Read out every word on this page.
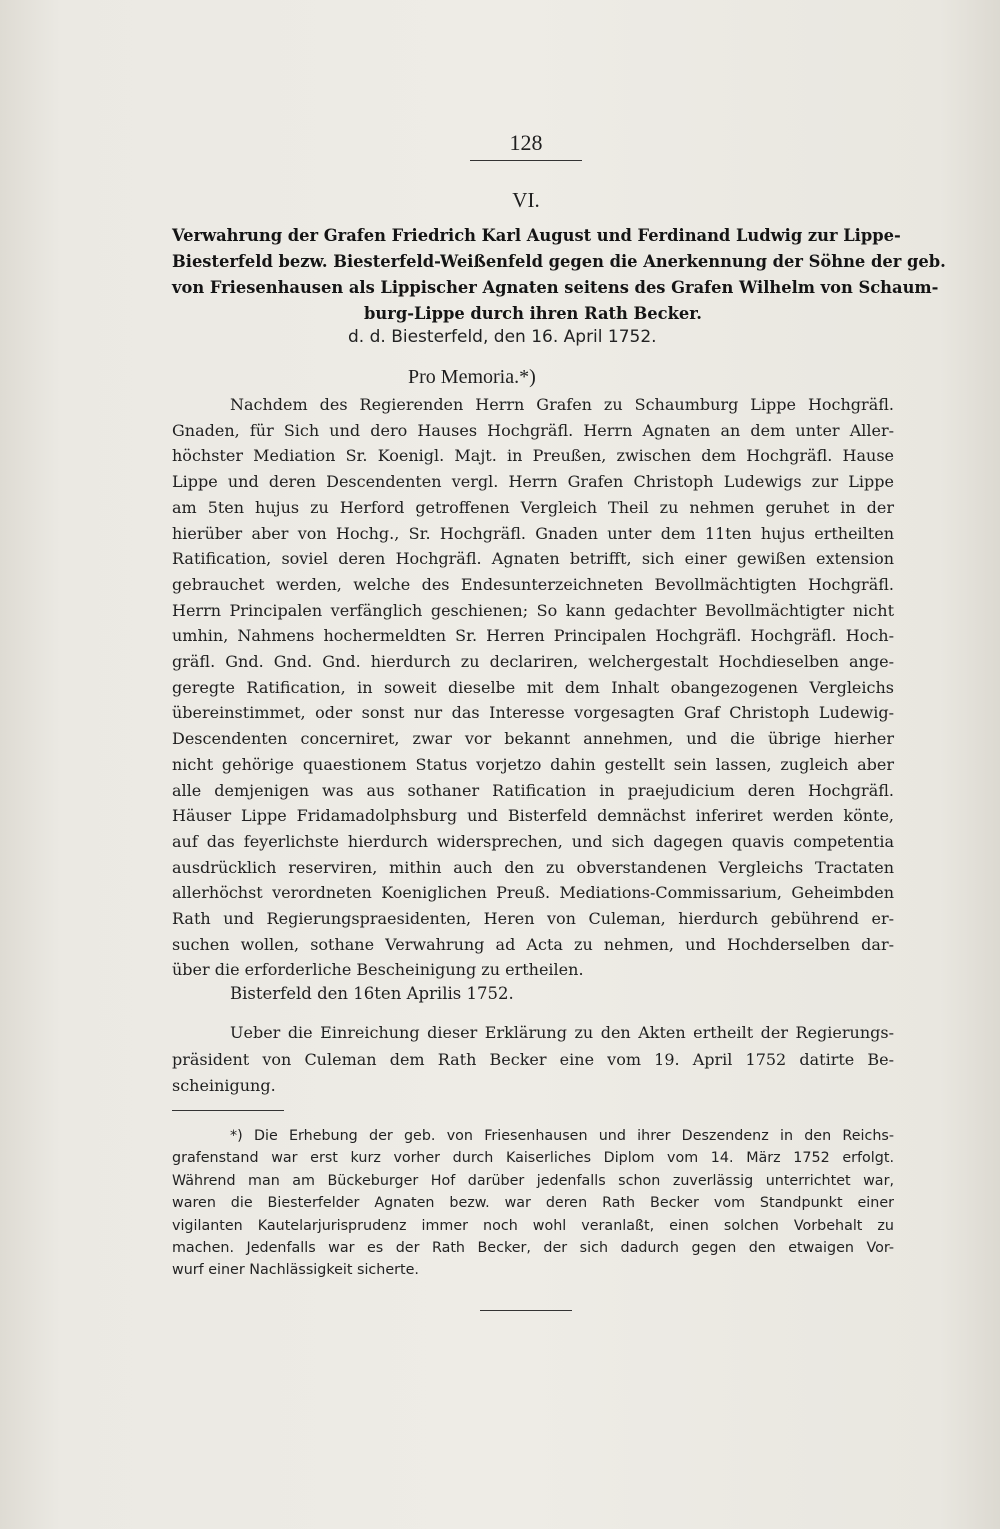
128
VI.
Verwahrung der Grafen Friedrich Karl August und Ferdinand Ludwig zur Lippe-
Biesterfeld bezw. Biesterfeld-Weißenfeld gegen die Anerkennung der Söhne der geb.
von Friesenhausen als Lippischer Agnaten seitens des Grafen Wilhelm von Schaum-
burg-Lippe durch ihren Rath Becker.
d. d. Biesterfeld, den 16. April 1752.
Pro Memoria.*)
Nachdem des Regierenden Herrn Grafen zu Schaumburg Lippe Hochgräfl.
Gnaden, für Sich und dero Hauses Hochgräfl. Herrn Agnaten an dem unter Aller-
höchster Mediation Sr. Koenigl. Majt. in Preußen, zwischen dem Hochgräfl. Hause
Lippe und deren Descendenten vergl. Herrn Grafen Christoph Ludewigs zur Lippe
am 5ten hujus zu Herford getroffenen Vergleich Theil zu nehmen geruhet in der
hierüber aber von Hochg., Sr. Hochgräfl. Gnaden unter dem 11ten hujus ertheilten
Ratification, soviel deren Hochgräfl. Agnaten betrifft, sich einer gewißen extension
gebrauchet werden, welche des Endesunterzeichneten Bevollmächtigten Hochgräfl.
Herrn Principalen verfänglich geschienen; So kann gedachter Bevollmächtigter nicht
umhin, Nahmens hochermeldten Sr. Herren Principalen Hochgräfl. Hochgräfl. Hoch-
gräfl. Gnd. Gnd. Gnd. hierdurch zu declariren, welchergestalt Hochdieselben ange-
geregte Ratification, in soweit dieselbe mit dem Inhalt obangezogenen Vergleichs
übereinstimmet, oder sonst nur das Interesse vorgesagten Graf Christoph Ludewig-
Descendenten concerniret, zwar vor bekannt annehmen, und die übrige hierher
nicht gehörige quaestionem Status vorjetzo dahin gestellt sein lassen, zugleich aber
alle demjenigen was aus sothaner Ratification in praejudicium deren Hochgräfl.
Häuser Lippe Fridamadolphsburg und Bisterfeld demnächst inferiret werden könte,
auf das feyerlichste hierdurch widersprechen, und sich dagegen quavis competentia
ausdrücklich reserviren, mithin auch den zu obverstandenen Vergleichs Tractaten
allerhöchst verordneten Koeniglichen Preuß. Mediations-Commissarium, Geheimbden
Rath und Regierungspraesidenten, Heren von Culeman, hierdurch gebührend er-
suchen wollen, sothane Verwahrung ad Acta zu nehmen, und Hochderselben dar-
über die erforderliche Bescheinigung zu ertheilen.
Bisterfeld den 16ten Aprilis 1752.
Ueber die Einreichung dieser Erklärung zu den Akten ertheilt der Regierungs-
präsident von Culeman dem Rath Becker eine vom 19. April 1752 datirte Be-
scheinigung.
*) Die Erhebung der geb. von Friesenhausen und ihrer Deszendenz in den Reichs-
grafenstand war erst kurz vorher durch Kaiserliches Diplom vom 14. März 1752 erfolgt.
Während man am Bückeburger Hof darüber jedenfalls schon zuverlässig unterrichtet war,
waren die Biesterfelder Agnaten bezw. war deren Rath Becker vom Standpunkt einer
vigilanten Kautelarjurisprudenz immer noch wohl veranlaßt, einen solchen Vorbehalt zu
machen. Jedenfalls war es der Rath Becker, der sich dadurch gegen den etwaigen Vor-
wurf einer Nachlässigkeit sicherte.
